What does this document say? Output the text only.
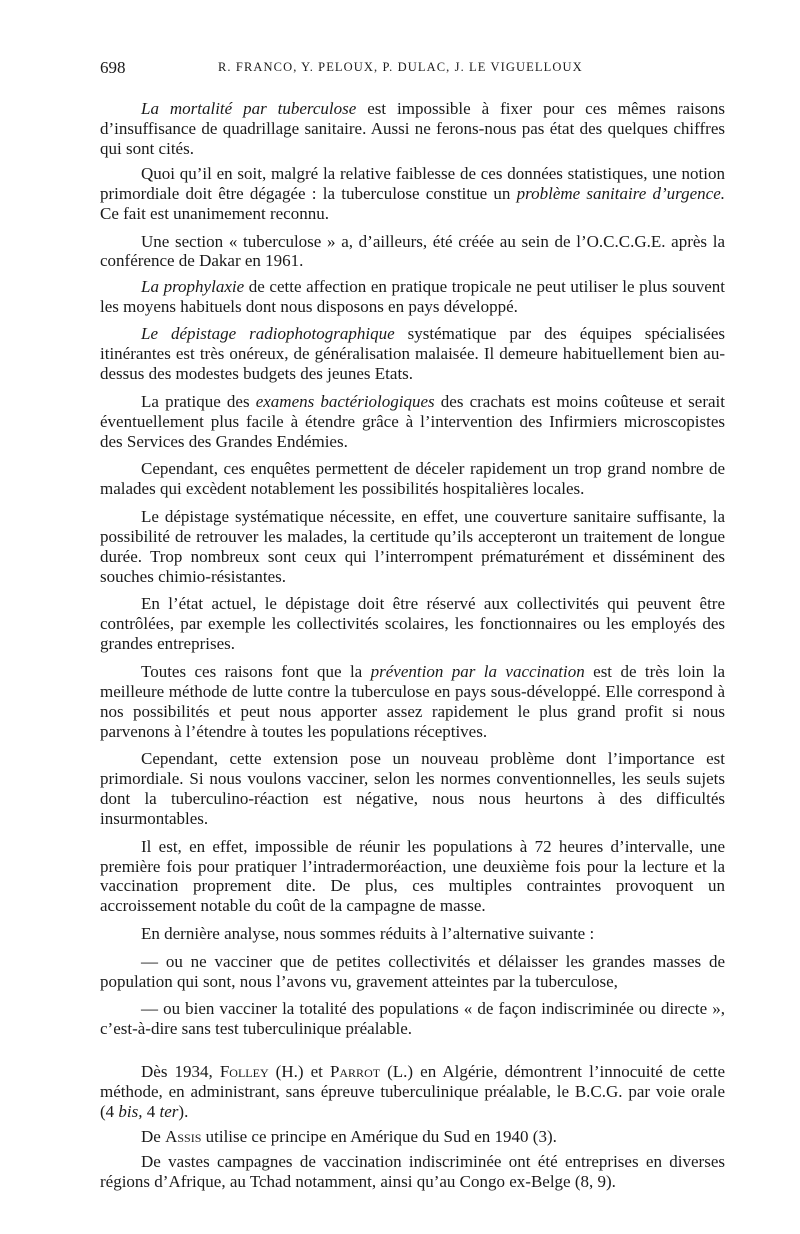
698	R. FRANCO, Y. PELOUX, P. DULAC, J. LE VIGUELLOUX

La mortalité par tuberculose est impossible à fixer pour ces mêmes raisons d’insuffisance de quadrillage sanitaire. Aussi ne ferons-nous pas état des quelques chiffres qui sont cités.

Quoi qu’il en soit, malgré la relative faiblesse de ces données statistiques, une notion primordiale doit être dégagée : la tuberculose constitue un problème sanitaire d’urgence. Ce fait est unanimement reconnu.

Une section « tuberculose » a, d’ailleurs, été créée au sein de l’O.C.C.G.E. après la conférence de Dakar en 1961.

La prophylaxie de cette affection en pratique tropicale ne peut utiliser le plus souvent les moyens habituels dont nous disposons en pays développé.

Le dépistage radiophotographique systématique par des équipes spécialisées itinérantes est très onéreux, de généralisation malaisée. Il demeure habituellement bien au-dessus des modestes budgets des jeunes Etats.

La pratique des examens bactériologiques des crachats est moins coûteuse et serait éventuellement plus facile à étendre grâce à l’intervention des Infirmiers microscopistes des Services des Grandes Endémies.

Cependant, ces enquêtes permettent de déceler rapidement un trop grand nombre de malades qui excèdent notablement les possibilités hospitalières locales.

Le dépistage systématique nécessite, en effet, une couverture sanitaire suffisante, la possibilité de retrouver les malades, la certitude qu’ils accepteront un traitement de longue durée. Trop nombreux sont ceux qui l’interrompent prématurément et disséminent des souches chimio-résistantes.

En l’état actuel, le dépistage doit être réservé aux collectivités qui peuvent être contrôlées, par exemple les collectivités scolaires, les fonctionnaires ou les employés des grandes entreprises.

Toutes ces raisons font que la prévention par la vaccination est de très loin la meilleure méthode de lutte contre la tuberculose en pays sous-développé. Elle correspond à nos possibilités et peut nous apporter assez rapidement le plus grand profit si nous parvenons à l’étendre à toutes les populations réceptives.

Cependant, cette extension pose un nouveau problème dont l’importance est primordiale. Si nous voulons vacciner, selon les normes conventionnelles, les seuls sujets dont la tuberculino-réaction est négative, nous nous heurtons à des difficultés insurmontables.

Il est, en effet, impossible de réunir les populations à 72 heures d’intervalle, une première fois pour pratiquer l’intradermoréaction, une deuxième fois pour la lecture et la vaccination proprement dite. De plus, ces multiples contraintes provoquent un accroissement notable du coût de la campagne de masse.

En dernière analyse, nous sommes réduits à l’alternative suivante :

— ou ne vacciner que de petites collectivités et délaisser les grandes masses de population qui sont, nous l’avons vu, gravement atteintes par la tuberculose,

— ou bien vacciner la totalité des populations « de façon indiscriminée ou directe », c’est-à-dire sans test tuberculinique préalable.

Dès 1934, Folley (H.) et Parrot (L.) en Algérie, démontrent l’innocuité de cette méthode, en administrant, sans épreuve tuberculinique préalable, le B.C.G. par voie orale (4 bis, 4 ter).

De Assis utilise ce principe en Amérique du Sud en 1940 (3).

De vastes campagnes de vaccination indiscriminée ont été entreprises en diverses régions d’Afrique, au Tchad notamment, ainsi qu’au Congo ex-Belge (8, 9).
